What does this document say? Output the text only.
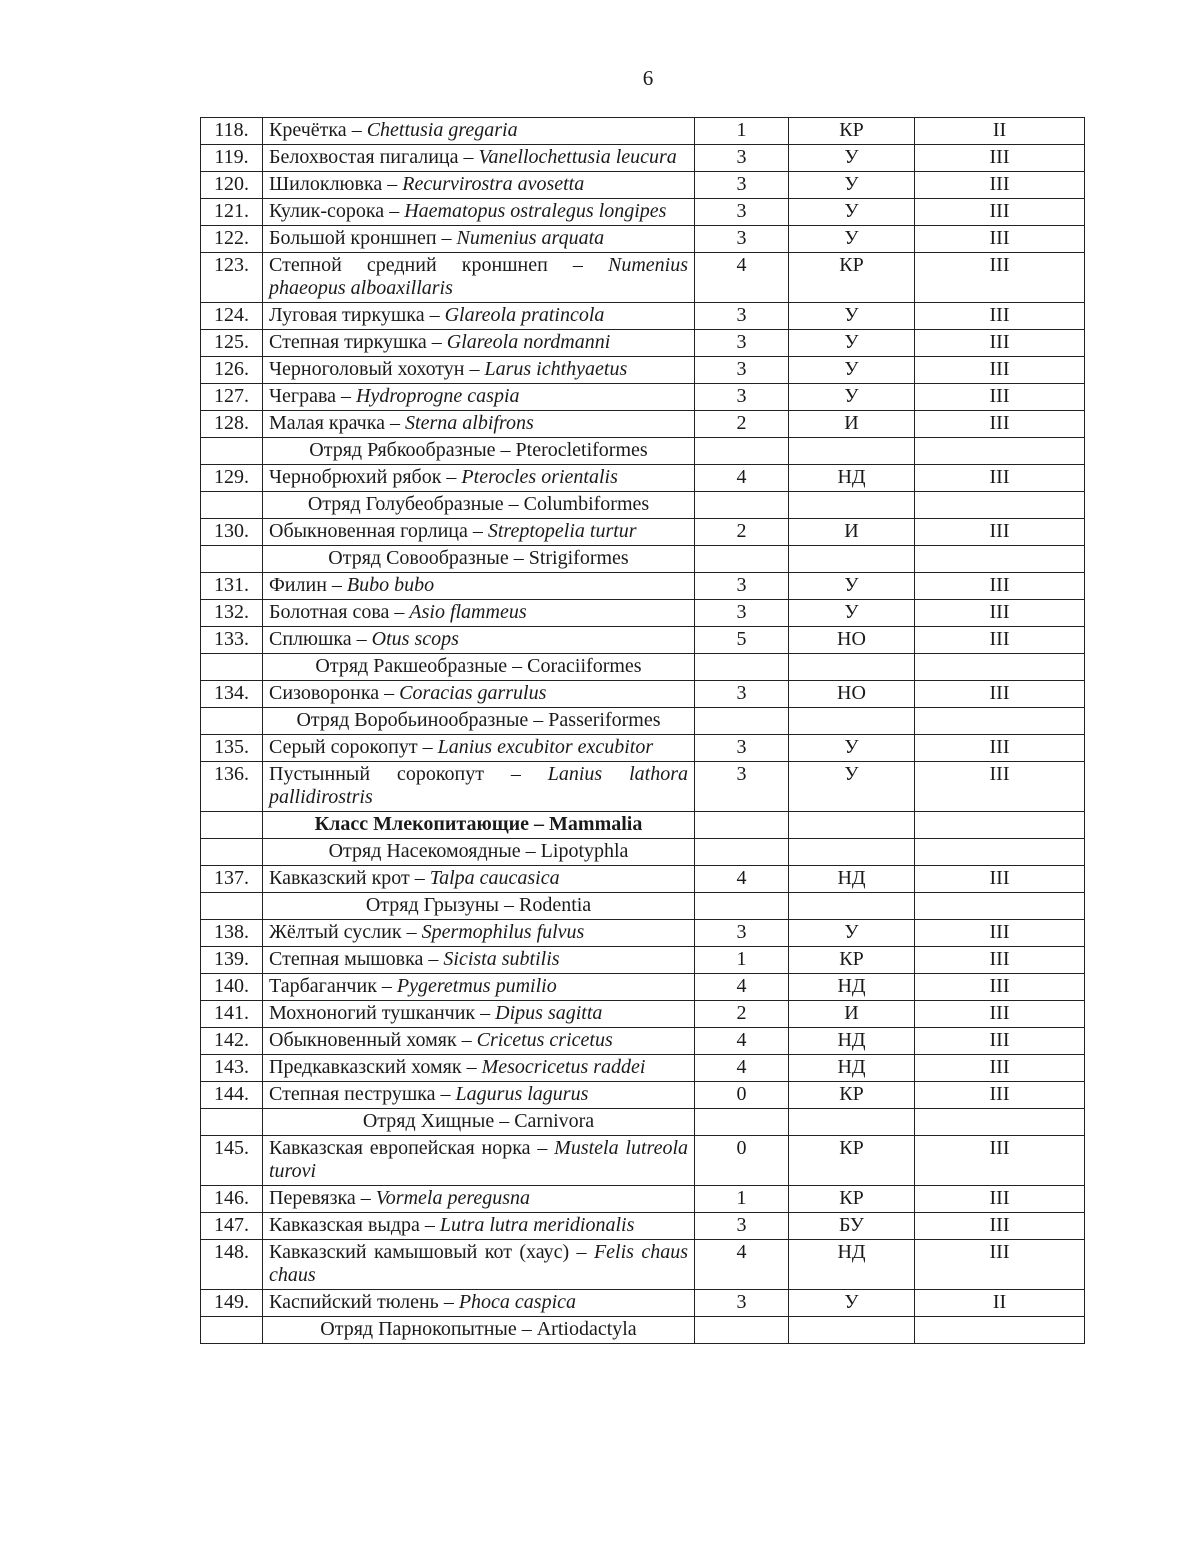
6
118.	Кречётка – Chettusia gregaria	1	КР	II
119.	Белохвостая пигалица – Vanellochettusia leucura	3	У	III
120.	Шилоклювка – Recurvirostra avosetta	3	У	III
121.	Кулик-сорока – Haematopus ostralegus longipes	3	У	III
122.	Большой кроншнеп – Numenius arquata	3	У	III
123.	Степной средний кроншнеп – Numenius phaeopus alboaxillaris	4	КР	III
124.	Луговая тиркушка – Glareola pratincola	3	У	III
125.	Степная тиркушка – Glareola nordmanni	3	У	III
126.	Черноголовый хохотун – Larus ichthyaetus	3	У	III
127.	Чеграва – Hydroprogne caspia	3	У	III
128.	Малая крачка – Sterna albifrons	2	И	III
	Отряд Рябкообразные – Pterocletiformes			
129.	Чернобрюхий рябок – Pterocles orientalis	4	НД	III
	Отряд Голубеобразные – Columbiformes			
130.	Обыкновенная горлица – Streptopelia turtur	2	И	III
	Отряд Совообразные – Strigiformes			
131.	Филин – Bubo bubo	3	У	III
132.	Болотная сова – Asio flammeus	3	У	III
133.	Сплюшка – Otus scops	5	НО	III
	Отряд Ракшеобразные – Coraciiformes			
134.	Сизоворонка – Coracias garrulus	3	НО	III
	Отряд Воробьинообразные – Passeriformes			
135.	Серый сорокопут – Lanius excubitor excubitor	3	У	III
136.	Пустынный сорокопут – Lanius lathora pallidirostris	3	У	III
	Класс Млекопитающие – Mammalia			
	Отряд Насекомоядные – Lipotyphla			
137.	Кавказский крот – Talpa caucasica	4	НД	III
	Отряд Грызуны – Rodentia			
138.	Жёлтый суслик – Spermophilus fulvus	3	У	III
139.	Степная мышовка – Sicista subtilis	1	КР	III
140.	Тарбаганчик – Pygeretmus pumilio	4	НД	III
141.	Мохноногий тушканчик – Dipus sagitta	2	И	III
142.	Обыкновенный хомяк – Cricetus cricetus	4	НД	III
143.	Предкавказский хомяк – Mesocricetus raddei	4	НД	III
144.	Степная пеструшка – Lagurus lagurus	0	КР	III
	Отряд Хищные – Carnivora			
145.	Кавказская европейская норка – Mustela lutreola turovi	0	КР	III
146.	Перевязка – Vormela peregusna	1	КР	III
147.	Кавказская выдра – Lutra lutra meridionalis	3	БУ	III
148.	Кавказский камышовый кот (хаус) – Felis chaus chaus	4	НД	III
149.	Каспийский тюлень – Phoca caspica	3	У	II
	Отряд Парнокопытные – Artiodactyla			
